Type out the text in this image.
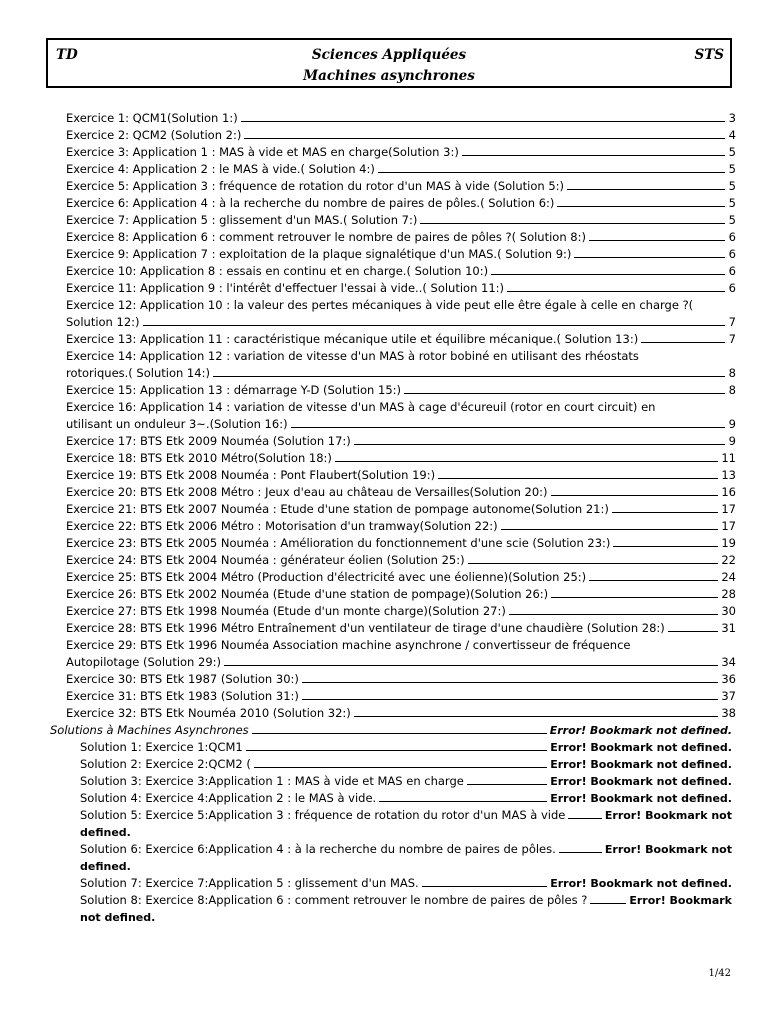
TD	Sciences Appliquées
Machines asynchrones
STS
Exercice 1: QCM1(Solution 1:)	3
Exercice 2: QCM2 (Solution 2:)	4
Exercice 3: Application 1 : MAS à vide et MAS en charge(Solution 3:)	5
Exercice 4: Application 2 : le MAS à vide.( Solution 4:)	5
Exercice 5: Application 3 : fréquence de rotation du rotor d'un MAS à vide (Solution 5:)	5
Exercice 6: Application 4 : à la recherche du nombre de paires de pôles.( Solution 6:)	5
Exercice 7: Application 5 : glissement d'un MAS.( Solution 7:)	5
Exercice 8: Application 6 : comment retrouver le nombre de paires de pôles ?( Solution 8:)	6
Exercice 9: Application 7 : exploitation de la plaque signalétique d'un MAS.( Solution 9:)	6
Exercice 10: Application 8 : essais en continu et en charge.( Solution 10:)	6
Exercice 11: Application 9 : l'intérêt d'effectuer l'essai à vide..( Solution 11:)	6
Exercice 12: Application 10 : la valeur des pertes mécaniques à vide peut elle être égale à celle en charge ?(
Solution 12:)	7
Exercice 13: Application 11 : caractéristique mécanique utile et équilibre mécanique.( Solution 13:)	7
Exercice 14: Application 12 : variation de vitesse d'un MAS à rotor bobiné en utilisant des rhéostats
rotoriques.( Solution 14:)	8
Exercice 15: Application 13 : démarrage Y-D (Solution 15:)	8
Exercice 16: Application 14 : variation de vitesse d'un MAS à cage d'écureuil (rotor en court circuit) en
utilisant un onduleur 3~.(Solution 16:)	9
Exercice 17: BTS Etk 2009 Nouméa (Solution 17:)	9
Exercice 18: BTS Etk 2010 Métro(Solution 18:)	11
Exercice 19: BTS Etk 2008 Nouméa : Pont Flaubert(Solution 19:)	13
Exercice 20: BTS Etk 2008 Métro : Jeux d'eau au château de Versailles(Solution 20:)	16
Exercice 21: BTS Etk 2007 Nouméa : Etude d'une station de pompage autonome(Solution 21:)	17
Exercice 22: BTS Etk 2006 Métro : Motorisation d'un tramway(Solution 22:)	17
Exercice 23: BTS Etk 2005 Nouméa : Amélioration du fonctionnement d'une scie (Solution 23:)	19
Exercice 24: BTS Etk 2004 Nouméa : générateur éolien (Solution 25:)	22
Exercice 25: BTS Etk 2004 Métro (Production d'électricité avec une éolienne)(Solution 25:)	24
Exercice 26: BTS Etk 2002 Nouméa (Etude d'une station de pompage)(Solution 26:)	28
Exercice 27: BTS Etk 1998 Nouméa (Etude d'un monte charge)(Solution 27:)	30
Exercice 28: BTS Etk 1996 Métro Entraînement d'un ventilateur de tirage d'une chaudière (Solution 28:)	31
Exercice 29: BTS Etk 1996 Nouméa Association machine asynchrone / convertisseur de fréquence
Autopilotage (Solution 29:)	34
Exercice 30: BTS Etk 1987 (Solution 30:)	36
Exercice 31: BTS Etk 1983 (Solution 31:)	37
Exercice 32: BTS Etk Nouméa 2010 (Solution 32:)	38
Solutions à Machines Asynchrones	Error! Bookmark not defined.
Solution 1: Exercice 1:QCM1	Error! Bookmark not defined.
Solution 2: Exercice 2:QCM2 (	Error! Bookmark not defined.
Solution 3: Exercice 3:Application 1 : MAS à vide et MAS en charge	Error! Bookmark not defined.
Solution 4: Exercice 4:Application 2 : le MAS à vide.	Error! Bookmark not defined.
Solution 5: Exercice 5:Application 3 : fréquence de rotation du rotor d'un MAS à vide	Error! Bookmark not
defined.
Solution 6: Exercice 6:Application 4 : à la recherche du nombre de paires de pôles.	Error! Bookmark not
defined.
Solution 7: Exercice 7:Application 5 : glissement d'un MAS.	Error! Bookmark not defined.
Solution 8: Exercice 8:Application 6 : comment retrouver le nombre de paires de pôles ?	Error! Bookmark
not defined.
1/42
